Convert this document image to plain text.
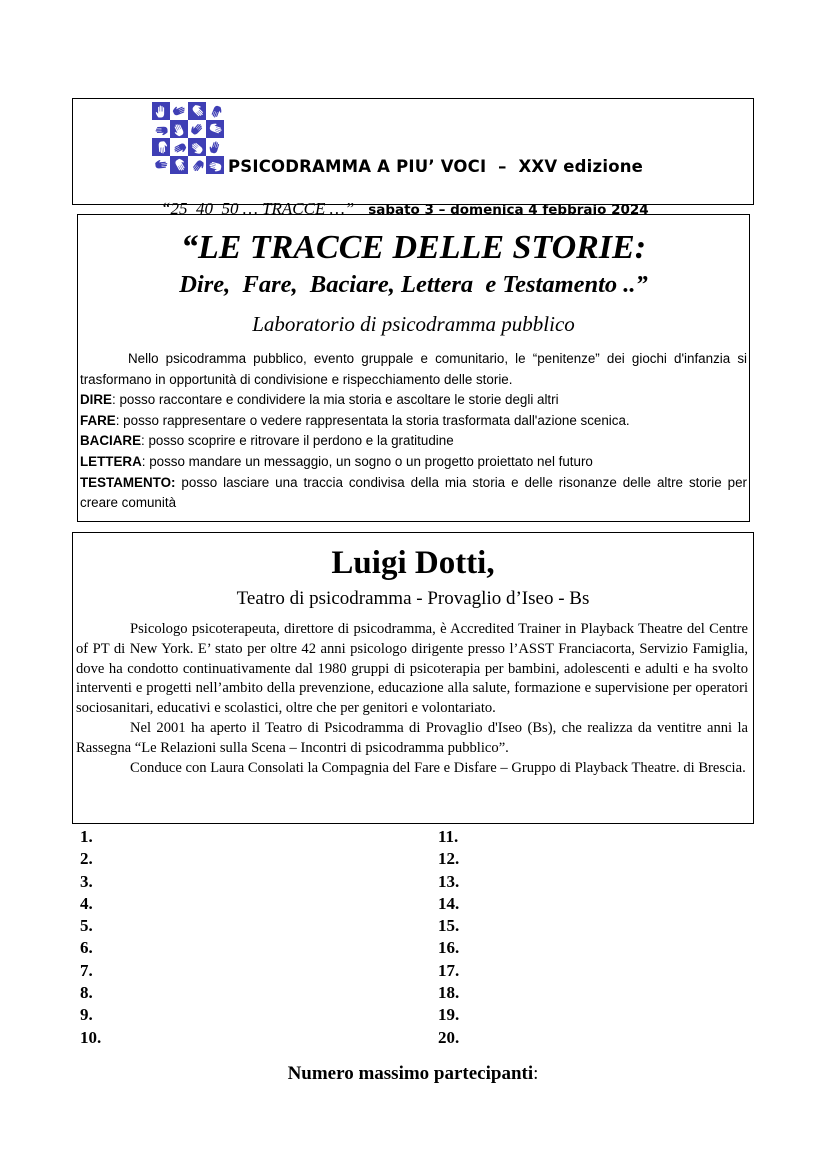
PSICODRAMMA A PIU’ VOCI  –  XXV edizione

“25  40  50 … TRACCE …” sabato 3 – domenica 4 febbraio 2024

“LE TRACCE DELLE STORIE:
Dire,  Fare,  Baciare, Lettera  e Testamento ..”
Laboratorio di psicodramma pubblico

Nello psicodramma pubblico, evento gruppale e comunitario, le “penitenze” dei giochi d'infanzia si trasformano in opportunità di condivisione e rispecchiamento delle storie.

DIRE: posso raccontare e condividere la mia storia e ascoltare le storie degli altri

FARE: posso rappresentare o vedere rappresentata la storia trasformata dall'azione scenica.

BACIARE: posso scoprire e ritrovare il perdono e la gratitudine

LETTERA: posso mandare un messaggio, un sogno o un progetto proiettato nel futuro

TESTAMENTO: posso lasciare una traccia condivisa della mia storia e delle risonanze delle altre storie per creare comunità

Luigi Dotti,
Teatro di psicodramma - Provaglio d’Iseo - Bs

Psicologo psicoterapeuta, direttore di psicodramma, è Accredited Trainer in Playback Theatre del Centre of PT di New York. E’ stato per oltre 42 anni psicologo dirigente presso l’ASST Franciacorta, Servizio Famiglia, dove ha condotto continuativamente dal 1980 gruppi di psicoterapia per bambini, adolescenti e adulti e ha svolto interventi e progetti nell’ambito della prevenzione, educazione alla salute, formazione e supervisione per operatori sociosanitari, educativi e scolastici, oltre che per genitori e volontariato.

Nel 2001 ha aperto il Teatro di Psicodramma di Provaglio d'Iseo (Bs), che realizza da ventitre anni la Rassegna “Le Relazioni sulla Scena – Incontri di psicodramma pubblico”.

Conduce con Laura Consolati la Compagnia del Fare e Disfare – Gruppo di Playback Theatre. di Brescia.

1.
2.
3.
4.
5.
6.
7.
8.
9.
10.
11.
12.
13.
14.
15.
16.
17.
18.
19.
20.
Numero massimo partecipanti:
